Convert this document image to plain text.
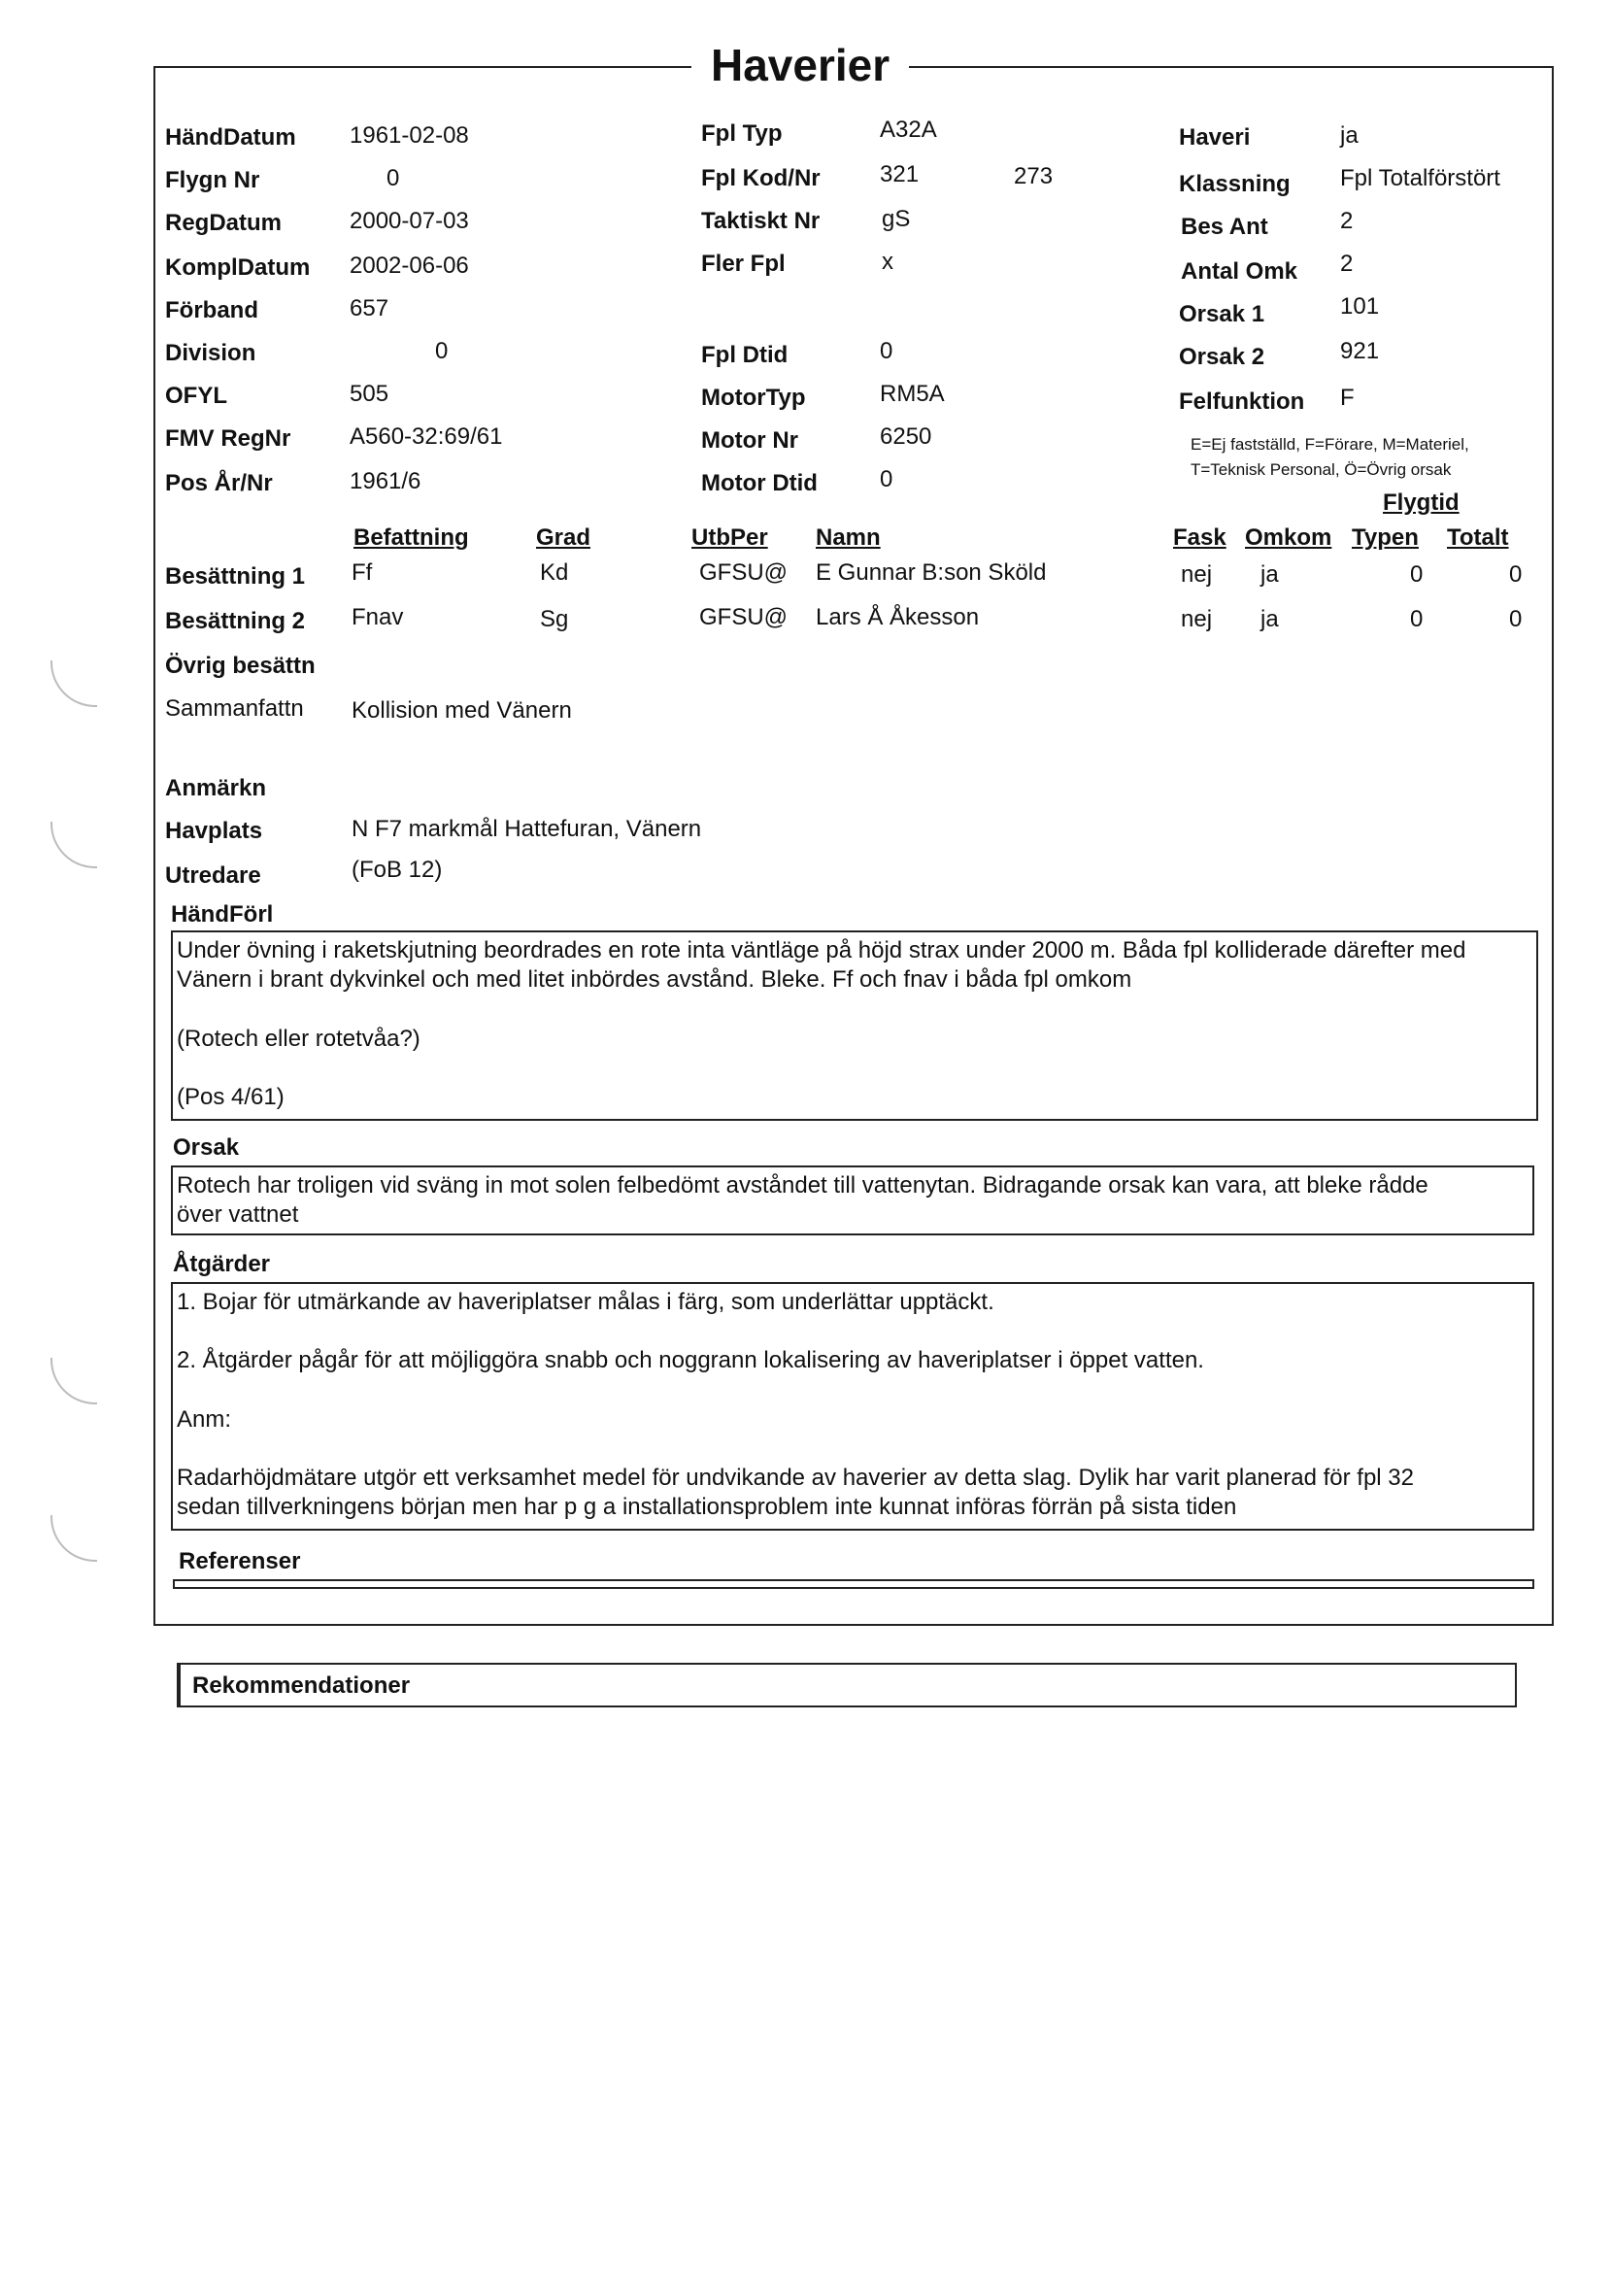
Haverier
HändDatum 1961-02-08
Flygn Nr	0
RegDatum	2000-07-03
KomplDatum 2002-06-06
Förband	657
Division	0
OFYL	505
FMV RegNr	A560-32:69/61
Pos År/Nr	1961/6
Fpl Typ	A32A
Fpl Kod/Nr	321	273
Taktiskt Nr	gS
Fler Fpl	x
Fpl Dtid	0
MotorTyp	RM5A
Motor Nr	6250
Motor Dtid	0
Haveri	ja
Klassning Fpl Totalförstört
Bes Ant	2
Antal Omk 2
Orsak 1	101
Orsak 2	921
Felfunktion F
E=Ej fastställd, F=Förare, M=Materiel,
T=Teknisk Personal, Ö=Övrig orsak
Befattning	Grad	UtbPer Namn
Flygtid
Fask Omkom Typen Totalt
Besättning 1 Ff	Kd	GFSU@ E Gunnar B:son Sköld	nej ja	0	0
Besättning 2 Fnav	Sg	GFSU@ Lars Å Åkesson	nej ja	0	0
Övrig besättn
Sammanfattn Kollision med Vänern
Anmärkn
Havplats	N F7 markmål Hattefuran, Vänern
Utredare	(FoB 12)
HändFörl
Under övning i raketskjutning beordrades en rote inta väntläge på höjd strax under 2000 m. Båda fpl kolliderade därefter med
Vänern i brant dykvinkel och med litet inbördes avstånd. Bleke. Ff och fnav i båda fpl omkom
(Rotech eller rotetvåa?)
(Pos 4/61)
Orsak
Rotech har troligen vid sväng in mot solen felbedömt avståndet till vattenytan. Bidragande orsak kan vara, att bleke rådde
över vattnet
Åtgärder
1. Bojar för utmärkande av haveriplatser målas i färg, som underlättar upptäckt.
2. Åtgärder pågår för att möjliggöra snabb och noggrann lokalisering av haveriplatser i öppet vatten.
Anm:
Radarhöjdmätare utgör ett verksamhet medel för undvikande av haverier av detta slag. Dylik har varit planerad för fpl 32
sedan tillverkningens början men har p g a installationsproblem inte kunnat införas förrän på sista tiden
Referenser
Rekommendationer
